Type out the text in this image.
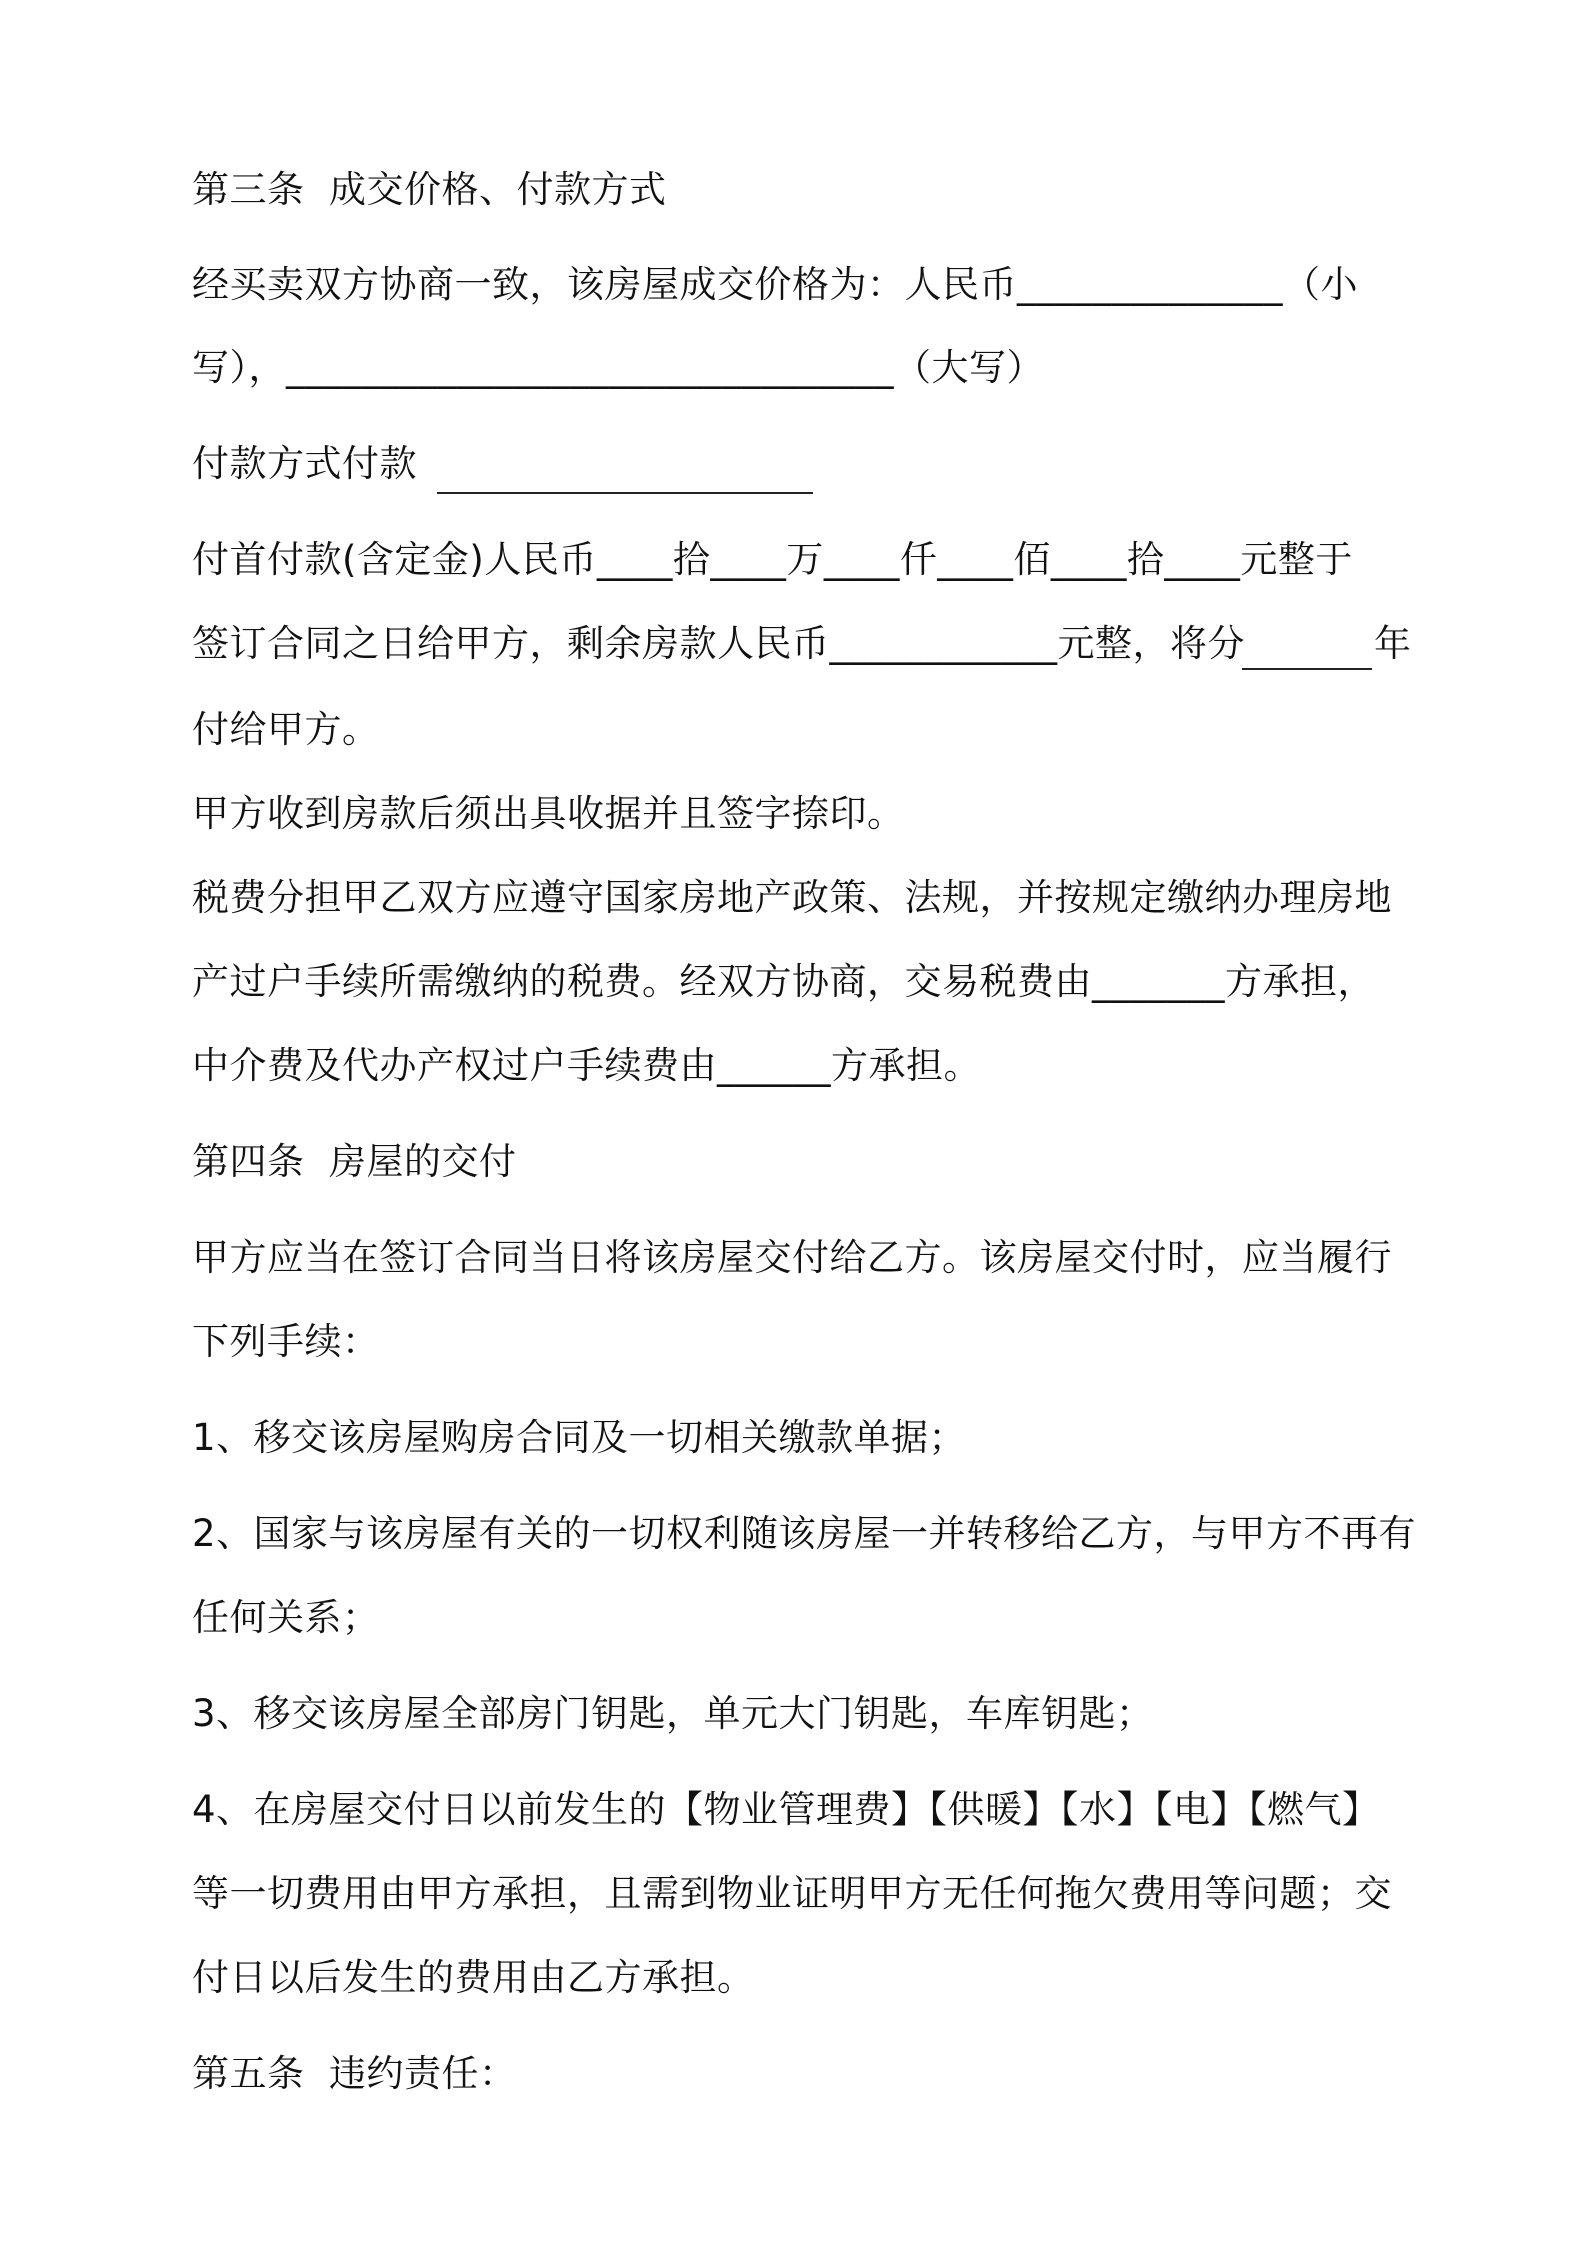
第三条  成交价格、付款方式
经买卖双方协商一致，该房屋成交价格为：人民币______________（小
写），________________________________（大写）
付款方式付款
付首付款(含定金)人民币____拾____万____仟____佰____拾____元整于
签订合同之日给甲方，剩余房款人民币____________元整，将分	年
付给甲方。
甲方收到房款后须出具收据并且签字捺印。
税费分担甲乙双方应遵守国家房地产政策、法规，并按规定缴纳办理房地
产过户手续所需缴纳的税费。经双方协商，交易税费由_______方承担，
中介费及代办产权过户手续费由______方承担。
第四条  房屋的交付
甲方应当在签订合同当日将该房屋交付给乙方。该房屋交付时，应当履行
下列手续：
1、移交该房屋购房合同及一切相关缴款单据；
2、国家与该房屋有关的一切权利随该房屋一并转移给乙方，与甲方不再有
任何关系；
3、移交该房屋全部房门钥匙，单元大门钥匙，车库钥匙；
4、在房屋交付日以前发生的【物业管理费】【供暖】【水】【电】【燃气】
等一切费用由甲方承担，且需到物业证明甲方无任何拖欠费用等问题；交
付日以后发生的费用由乙方承担。
第五条  违约责任：
